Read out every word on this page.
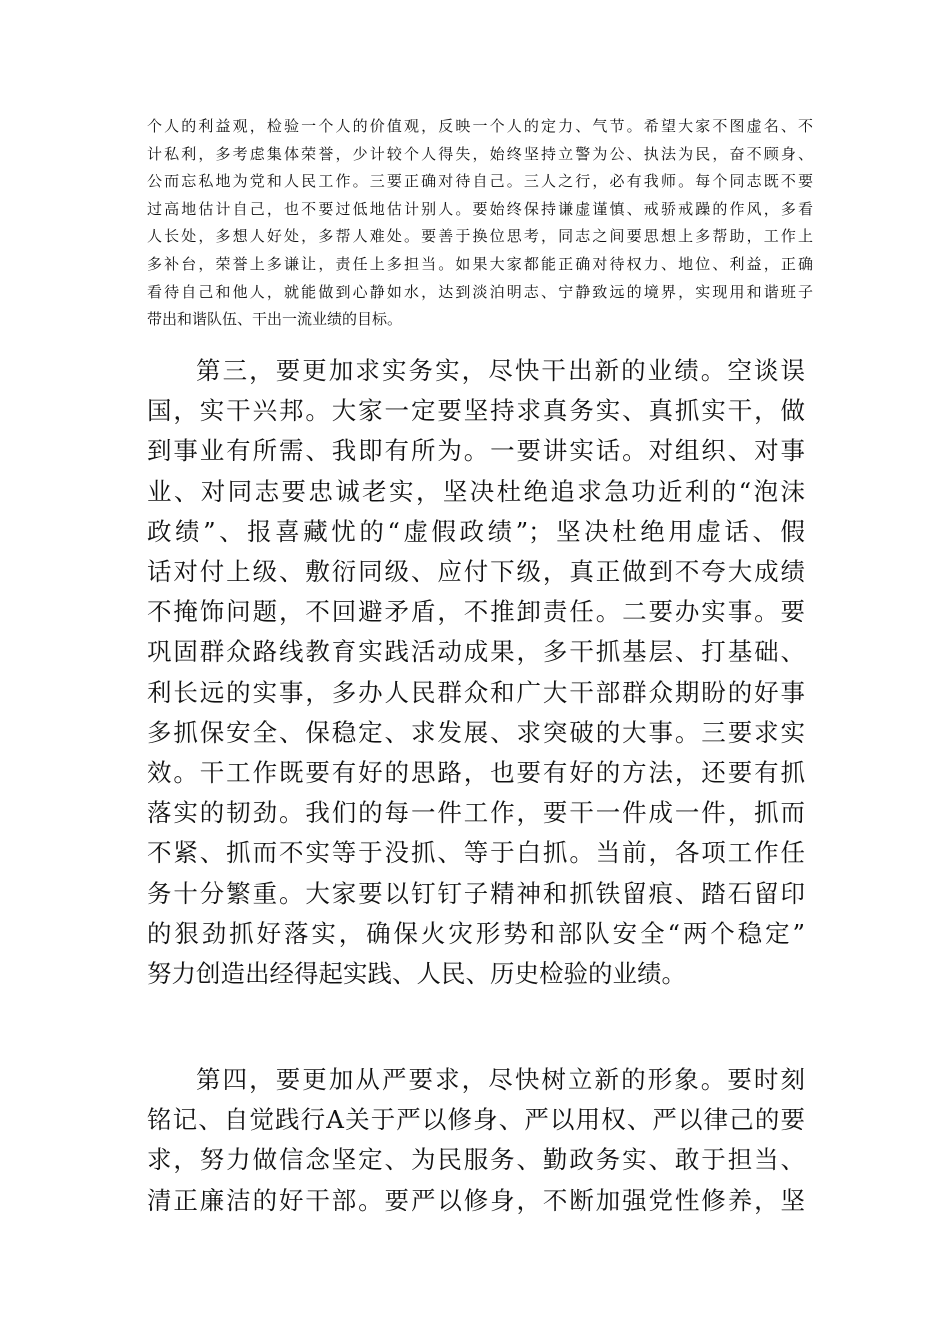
个人的利益观，检验一个人的价值观，反映一个人的定力、气节。希望大家不图虚名、不
计私利，多考虑集体荣誉，少计较个人得失，始终坚持立警为公、执法为民，奋不顾身、
公而忘私地为党和人民工作。三要正确对待自己。三人之行，必有我师。每个同志既不要
过高地估计自己，也不要过低地估计别人。要始终保持谦虚谨慎、戒骄戒躁的作风，多看
人长处，多想人好处，多帮人难处。要善于换位思考，同志之间要思想上多帮助，工作上
多补台，荣誉上多谦让，责任上多担当。如果大家都能正确对待权力、地位、利益，正确
看待自己和他人，就能做到心静如水，达到淡泊明志、宁静致远的境界，实现用和谐班子
带出和谐队伍、干出一流业绩的目标。
第三，要更加求实务实，尽快干出新的业绩。空谈误
国，实干兴邦。大家一定要坚持求真务实、真抓实干，做
到事业有所需、我即有所为。一要讲实话。对组织、对事
业、对同志要忠诚老实，坚决杜绝追求急功近利的“泡沫
政绩”、报喜藏忧的“虚假政绩”；坚决杜绝用虚话、假
话对付上级、敷衍同级、应付下级，真正做到不夸大成绩
不掩饰问题，不回避矛盾，不推卸责任。二要办实事。要
巩固群众路线教育实践活动成果，多干抓基层、打基础、
利长远的实事，多办人民群众和广大干部群众期盼的好事
多抓保安全、保稳定、求发展、求突破的大事。三要求实
效。干工作既要有好的思路，也要有好的方法，还要有抓
落实的韧劲。我们的每一件工作，要干一件成一件，抓而
不紧、抓而不实等于没抓、等于白抓。当前，各项工作任
务十分繁重。大家要以钉钉子精神和抓铁留痕、踏石留印
的狠劲抓好落实，确保火灾形势和部队安全“两个稳定”
努力创造出经得起实践、人民、历史检验的业绩。
第四，要更加从严要求，尽快树立新的形象。要时刻
铭记、自觉践行A关于严以修身、严以用权、严以律己的要
求，努力做信念坚定、为民服务、勤政务实、敢于担当、
清正廉洁的好干部。要严以修身，不断加强党性修养，坚
